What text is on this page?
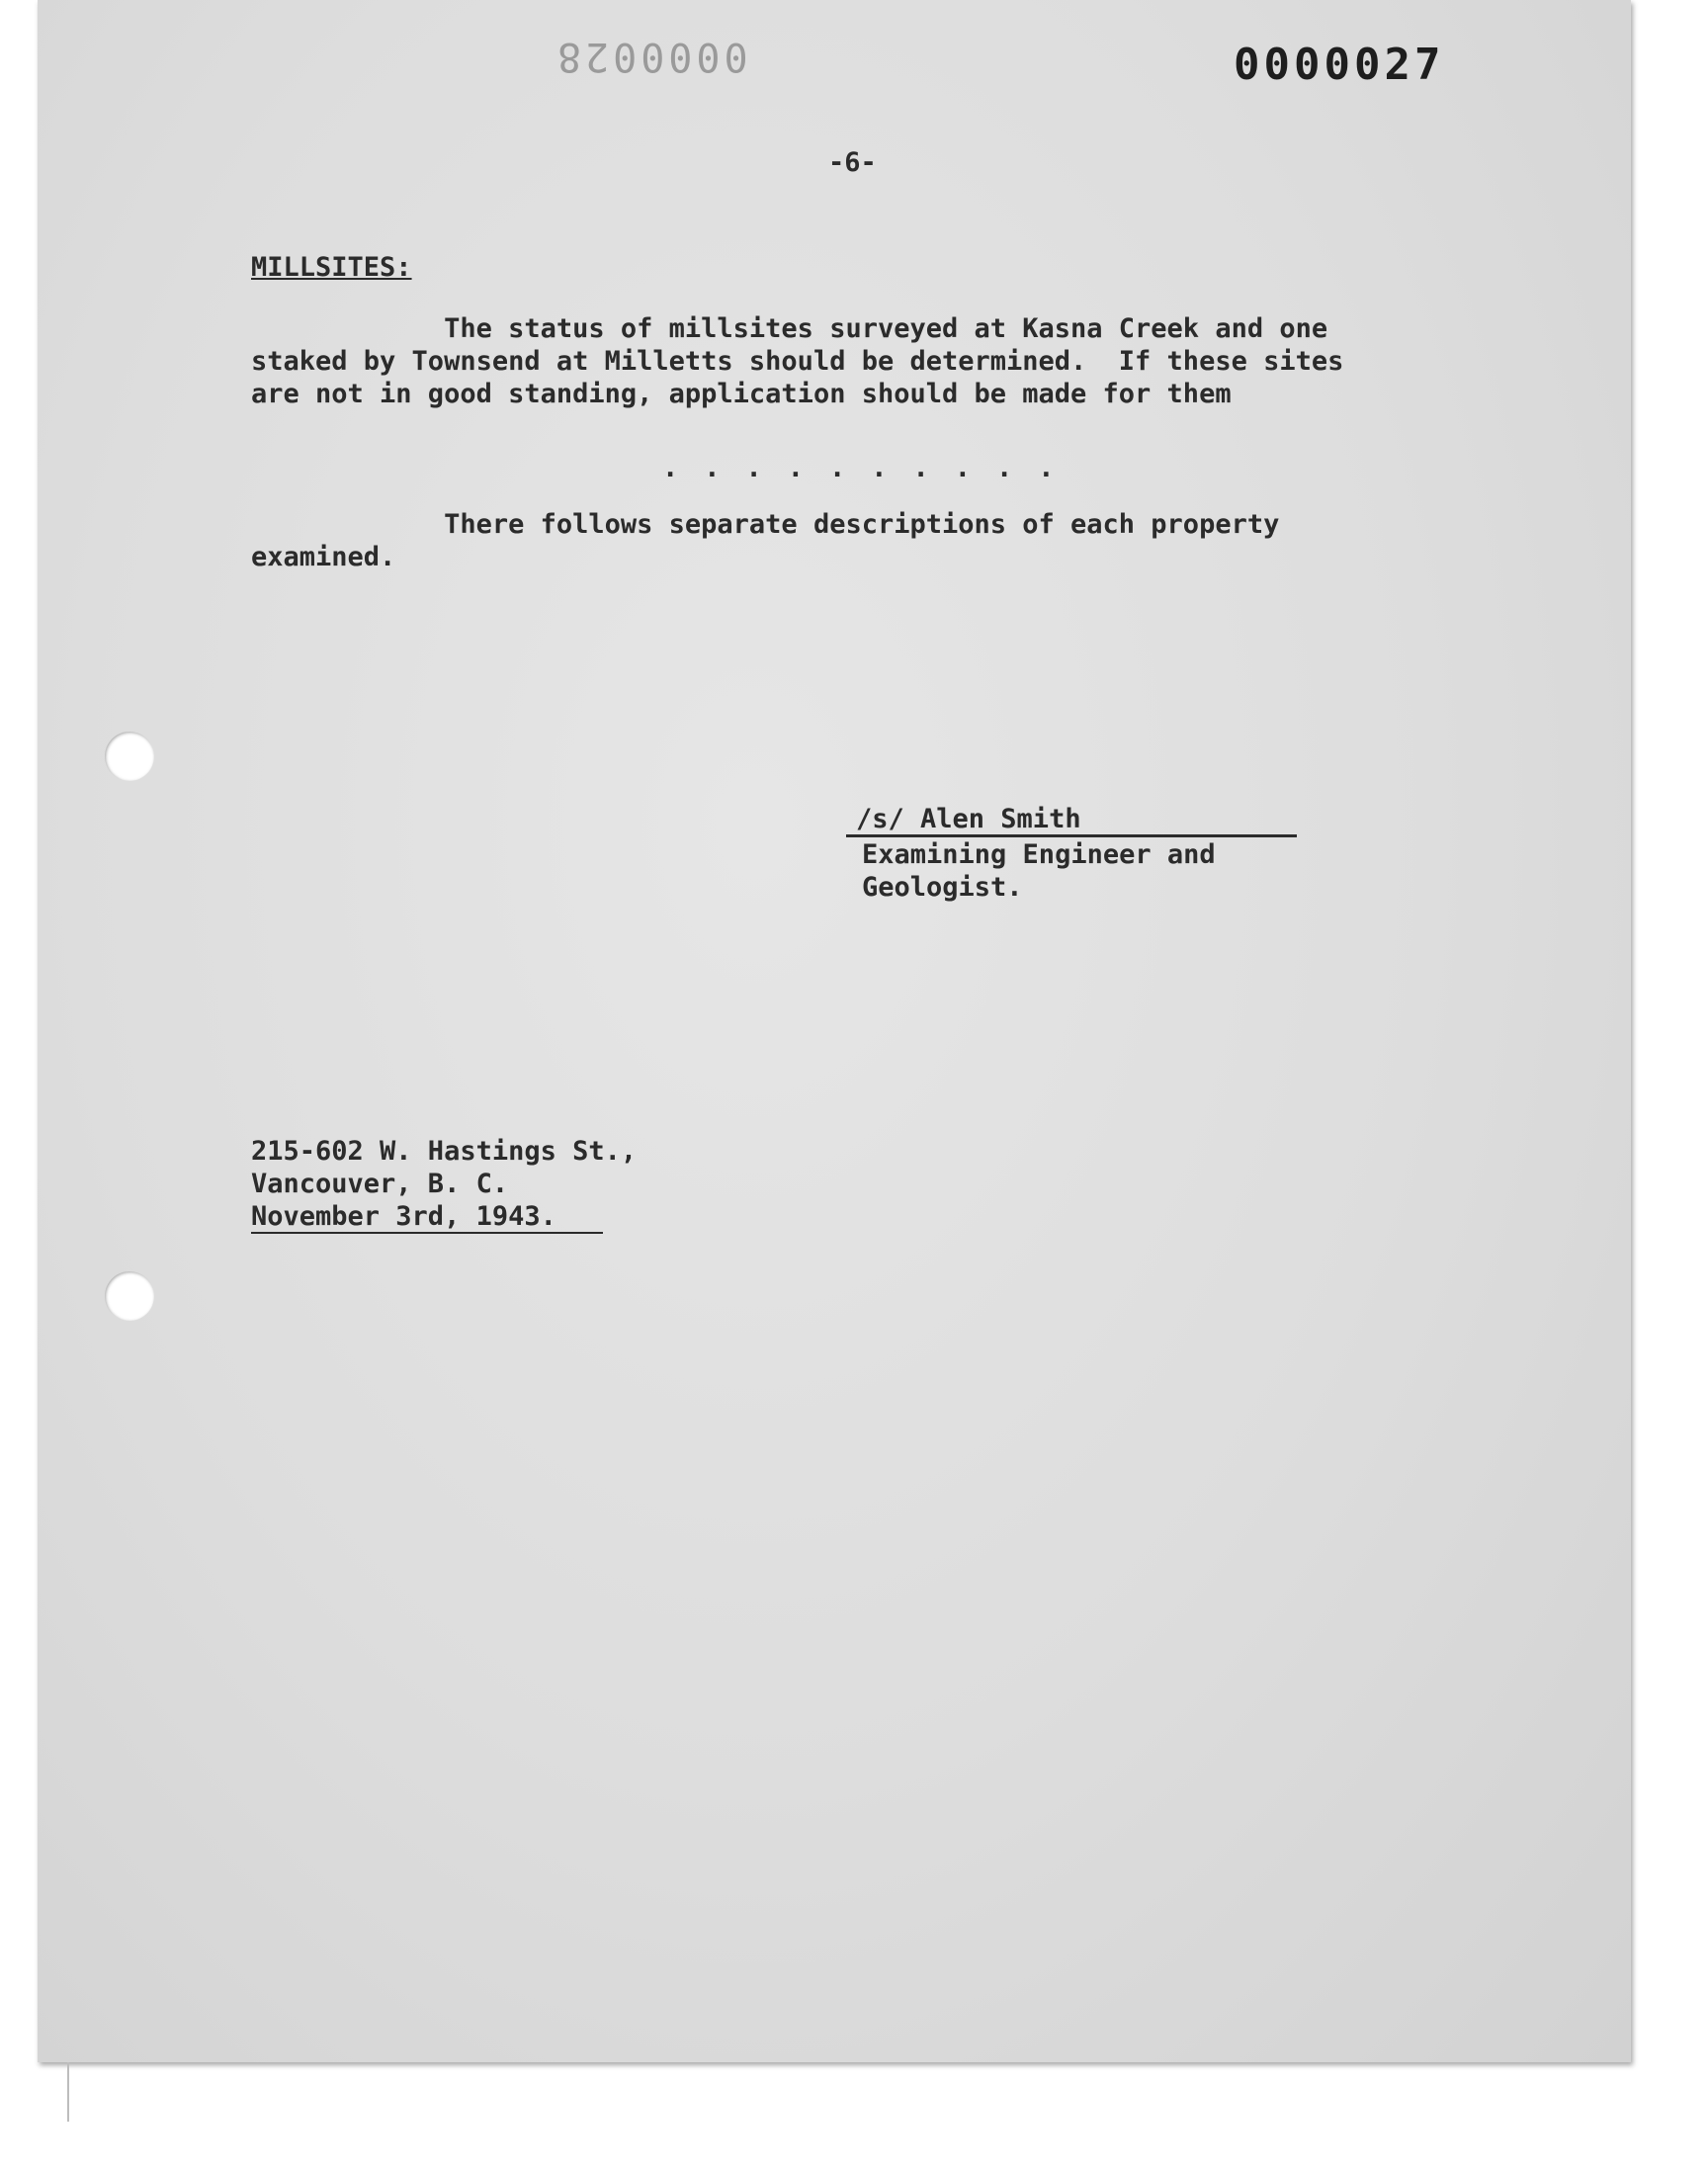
0000028	0000027

-6-

MILLSITES:

The status of millsites surveyed at Kasna Creek and one
staked by Townsend at Milletts should be determined.  If these sites
are not in good standing, application should be made for them
..........
There follows separate descriptions of each property
examined.

/s/ Alen Smith

Examining Engineer and
Geologist.
215-602 W. Hastings St.,
Vancouver, B. C.
November 3rd, 1943.
